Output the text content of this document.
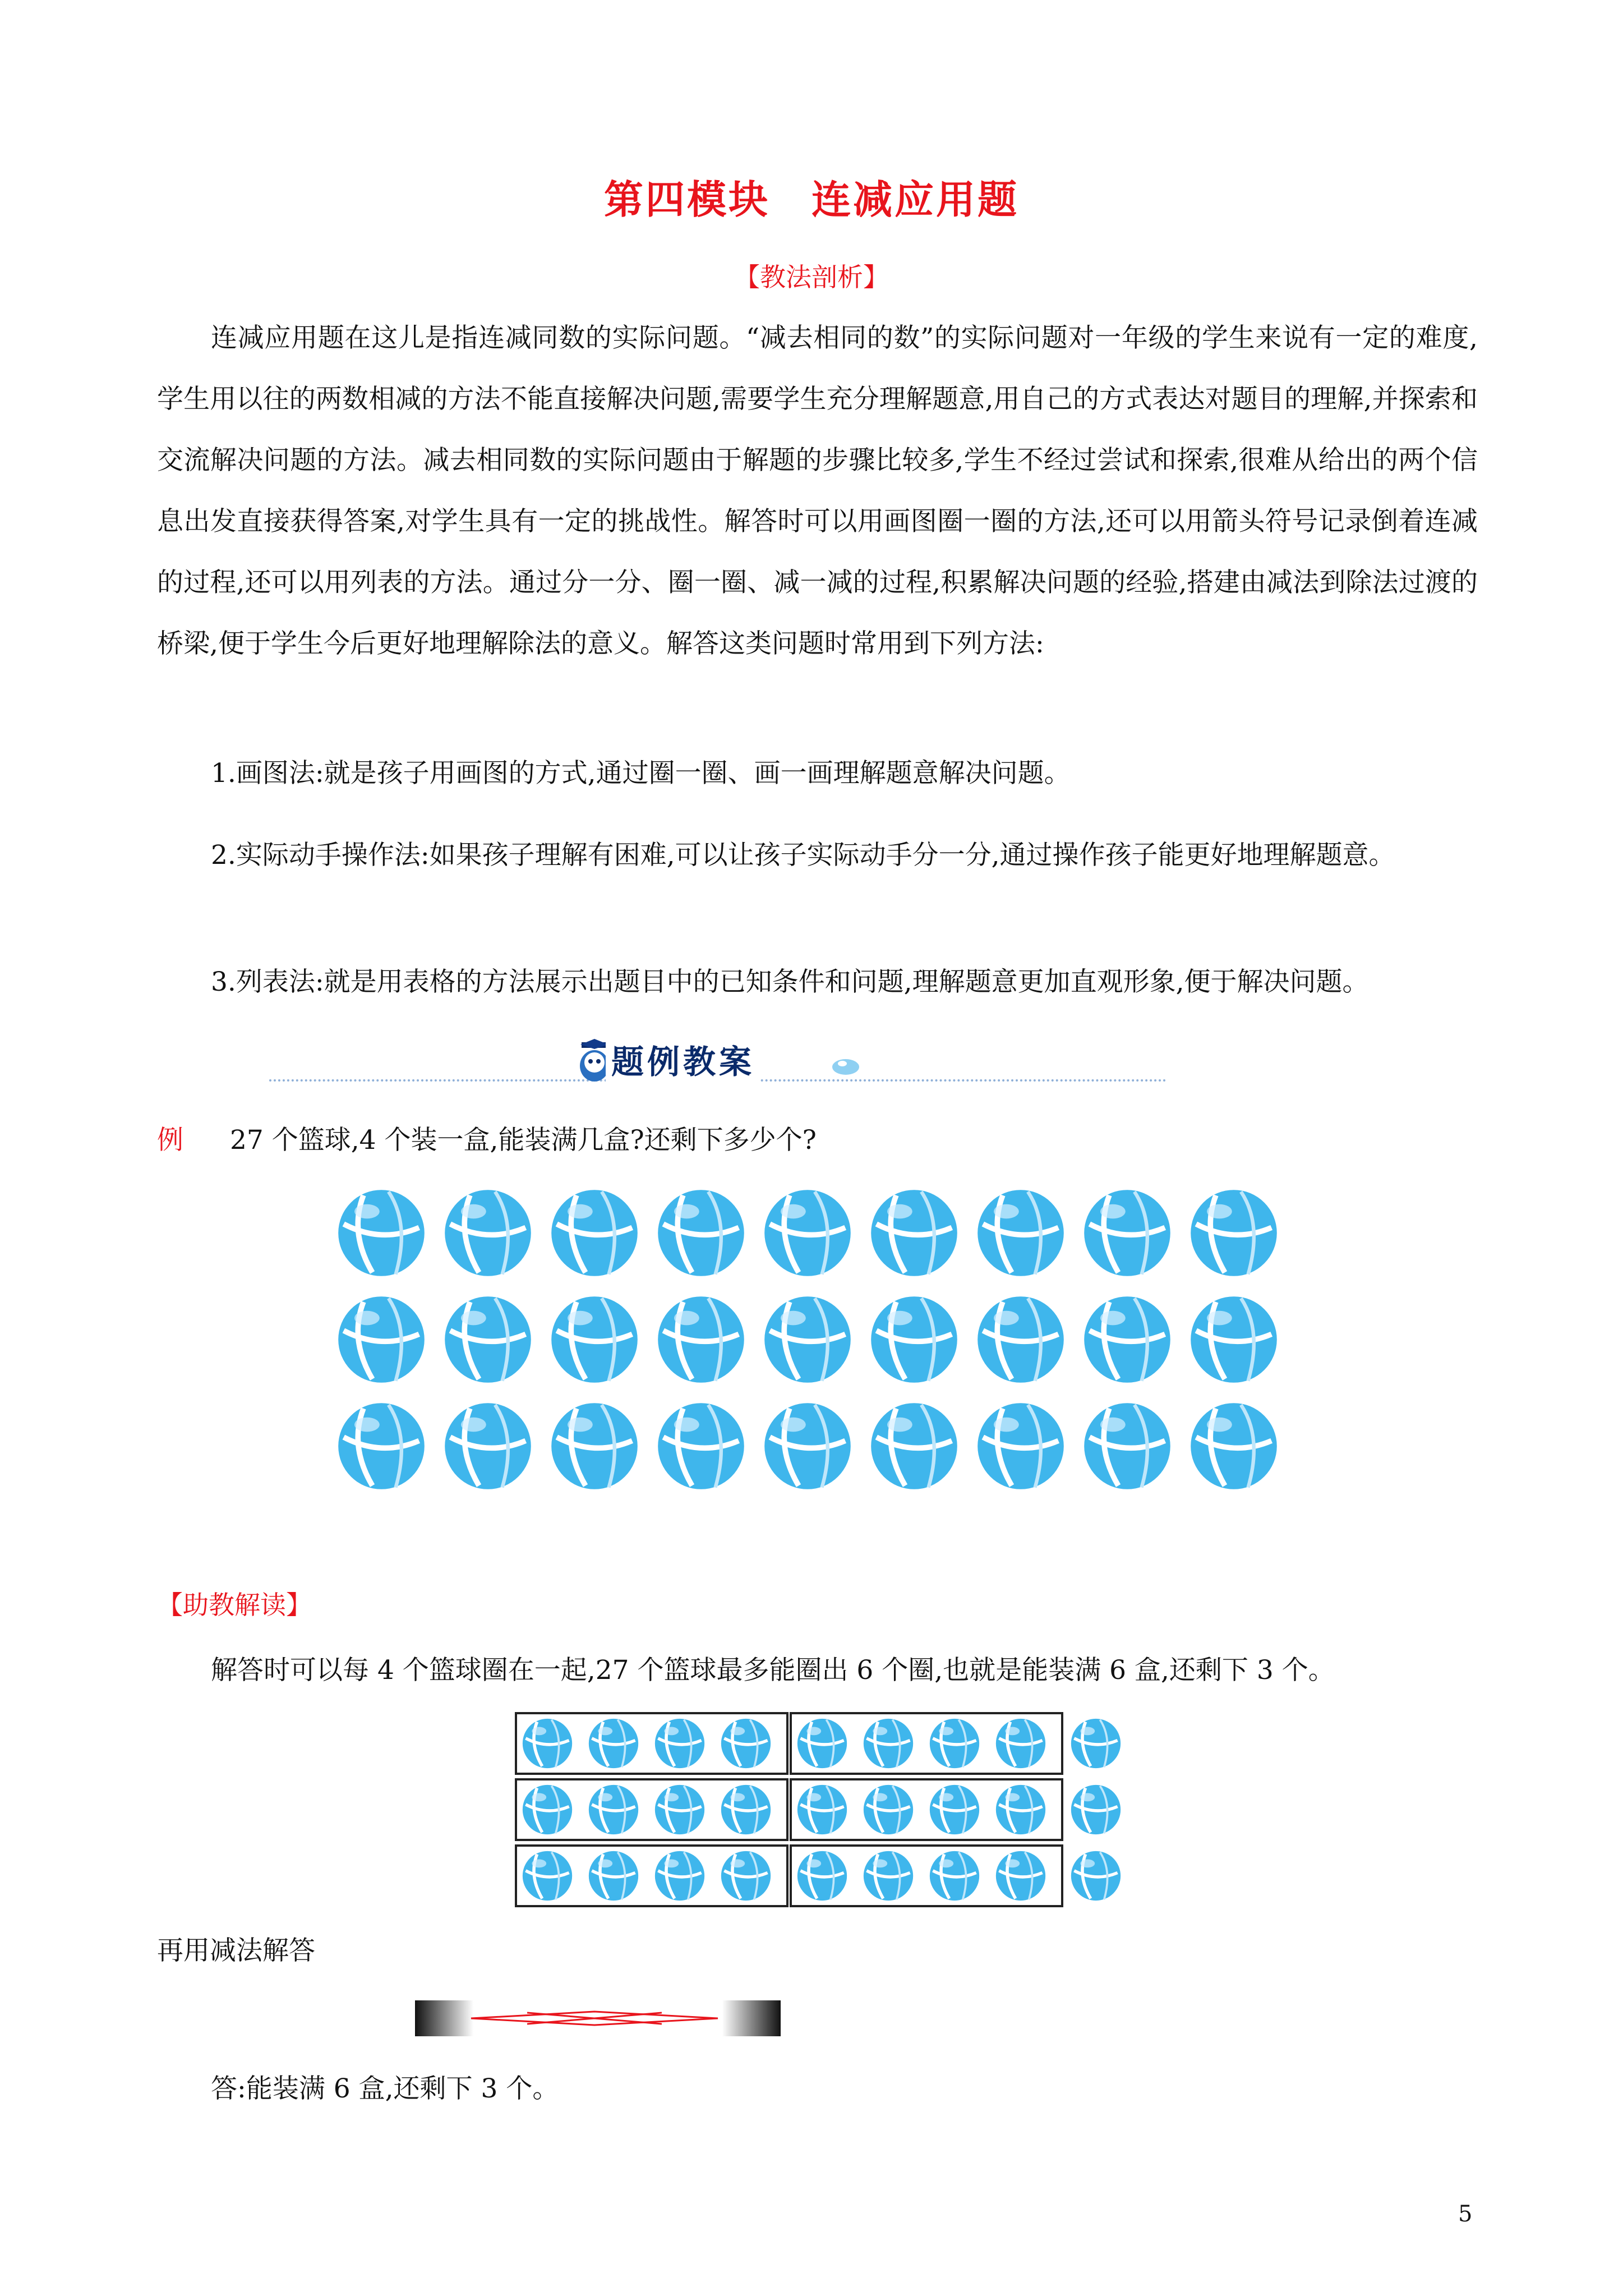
第四模块　连减应用题
【教法剖析】
连减应用题在这儿是指连减同数的实际问题。“减去相同的数”的实际问题对一年级的学生来说有一定的难度,学生用以往的两数相减的方法不能直接解决问题,需要学生充分理解题意,用自己的方式表达对题目的理解,并探索和交流解决问题的方法。减去相同数的实际问题由于解题的步骤比较多,学生不经过尝试和探索,很难从给出的两个信息出发直接获得答案,对学生具有一定的挑战性。解答时可以用画图圈一圈的方法,还可以用箭头符号记录倒着连减的过程,还可以用列表的方法。通过分一分、圈一圈、减一减的过程,积累解决问题的经验,搭建由减法到除法过渡的桥梁,便于学生今后更好地理解除法的意义。解答这类问题时常用到下列方法:
1.画图法:就是孩子用画图的方式,通过圈一圈、画一画理解题意解决问题。
2.实际动手操作法:如果孩子理解有困难,可以让孩子实际动手分一分,通过操作孩子能更好地理解题意。
3.列表法:就是用表格的方法展示出题目中的已知条件和问题,理解题意更加直观形象,便于解决问题。
题例教案
例 27 个篮球,4 个装一盒,能装满几盒?还剩下多少个?
【助教解读】
解答时可以每 4 个篮球圈在一起,27 个篮球最多能圈出 6 个圈,也就是能装满 6 盒,还剩下 3 个。
再用减法解答
答:能装满 6 盒,还剩下 3 个。
5
